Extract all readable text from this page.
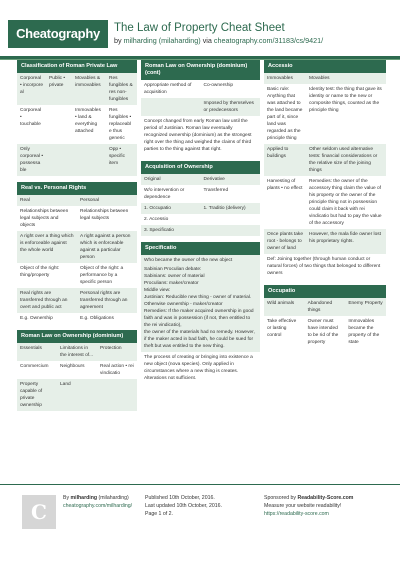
Cheatography	The Law of Property Cheat Sheet
by milharding (milaharding) via cheatography.com/31183/cs/9421/
Classification of Roman Private Law
Corporeal • incorpore al	Public • private	Movables & immovables	Res fungibles & res non-fungibles
Corporeal • touchable		Immovables • land & everything attached	Res fungibles • replaceabl e thus generic
Only corporeal • possessa ble			Opp • specific item
Real vs. Personal Rights
Real	Personal
Relationships between legal subjects and objects	Relationships between legal subjects
A right over a thing which is enforceable against the whole world	A right against a person which is enforceable against a particular person
Object of the right: thing/property	Object of the right: a performance by a specific person
Real rights are transferred through an overt and public act	Personal rights are transferred through an agreement
E.g. Ownership	E.g. Obligations
Roman Law on Ownership (dominium)
Essentials	Limitations in the interest of...	Protection
Commercium	Neighbours	Real action • rei vindicatio
Property capable of private ownership	Land	
Roman Law on Ownership (dominium) (cont)
Appropriate method of acquisition	Co-ownership
	Imposed by themselves or predecessors
Concept changed from early Roman law until the period of Justinian. Roman law eventually recognized ownership (dominium) as the strongest right over the thing and weighed the claims of third parties to the thing against that right.
Acquisition of Ownership
Original	Derivative
W/o intervention or dependence	Transferred
1. Occupatio	1. Traditio (delivery)
2. Accessio	
3. Specificatio	
Specificatio
Who became the owner of the new object
Sabinian Proculian debate:
Sabinians: owner of material
Proculians: maker/creator
Middle view:
Justinian: Reducible new thing - owner of material. Otherwise ownership - maker/creator
Remedies: If the maker acquired ownership in good faith and was in possession (if not, then entitled to the rei vindicatio),
the owner of the materials had no remedy. However, if the maker acted in bad faith, he could be sued for theft but was entitled to the new thing.
The process of creating or bringing into existence a new object (nova species). Only applied in circumstances where a new thing is creates. Alterations not sufficient.
Accessio
Immovables	Movables
Basic rule: Anything that was attached to the land became part of it, since land was regarded as the principle thing	Identity test: the thing that gave its identity or name to the new or composite things, counted as the principle thing
Applied to buildings	Other seldom used alternative tests: financial considerations or the relative size of the joining things
Harvesting of plants • no effect	Remedies: the owner of the accessory thing claim the value of his property or the owner of the principle thing not in possession could claim it back with rei vindicatio but had to pay the value of the accessory
Once plants take root - belongs to owner of land	However, the mala fide owner lost his proprietary rights.
Def: Joining together (through human conduct or natural forces) of two things that belonged to different owners
Occupatio
Wild animals	Abandoned things	Enemy Property
Take effective or lasting control	Owner must have intended to be rid of the property	Immovables became the property of the state
C
By milharding (milaharding)
cheatography.com/milharding/
Published 10th October, 2016.
Last updated 10th October, 2016.
Page 1 of 2.
Sponsored by Readability-Score.com
Measure your website readability!
https://readability-score.com
